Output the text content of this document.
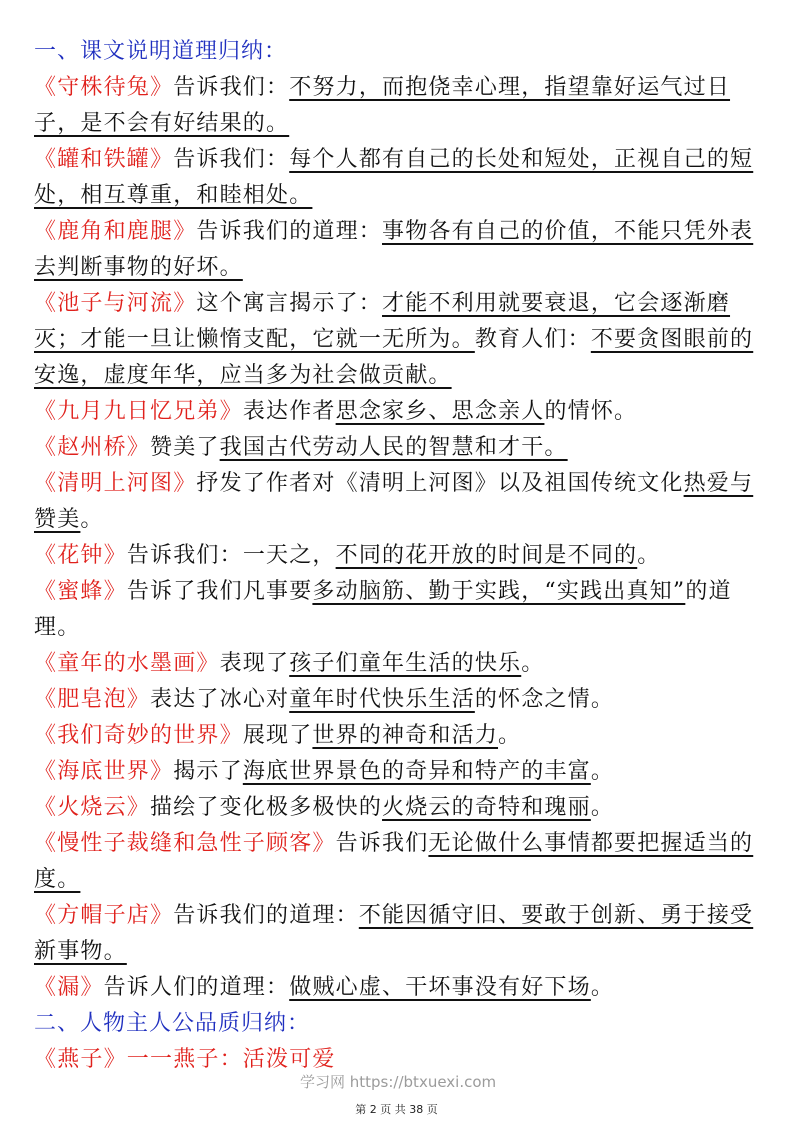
一、课文说明道理归纳：

《守株待兔》告诉我们：不努力，而抱侥幸心理，指望靠好运气过日子，是不会有好结果的。

《罐和铁罐》告诉我们：每个人都有自己的长处和短处，正视自己的短处，相互尊重，和睦相处。

《鹿角和鹿腿》告诉我们的道理：事物各有自己的价值，不能只凭外表去判断事物的好坏。

《池子与河流》这个寓言揭示了：才能不利用就要衰退，它会逐渐磨灭；才能一旦让懒惰支配，它就一无所为。教育人们：不要贪图眼前的安逸，虚度年华，应当多为社会做贡献。

《九月九日忆兄弟》表达作者思念家乡、思念亲人的情怀。

《赵州桥》赞美了我国古代劳动人民的智慧和才干。

《清明上河图》抒发了作者对《清明上河图》以及祖国传统文化热爱与赞美。

《花钟》告诉我们：一天之，不同的花开放的时间是不同的。

《蜜蜂》告诉了我们凡事要多动脑筋、勤于实践，“实践出真知”的道理。

《童年的水墨画》表现了孩子们童年生活的快乐。

《肥皂泡》表达了冰心对童年时代快乐生活的怀念之情。

《我们奇妙的世界》展现了世界的神奇和活力。

《海底世界》揭示了海底世界景色的奇异和特产的丰富。

《火烧云》描绘了变化极多极快的火烧云的奇特和瑰丽。

《慢性子裁缝和急性子顾客》告诉我们无论做什么事情都要把握适当的度。

《方帽子店》告诉我们的道理：不能因循守旧、要敢于创新、勇于接受新事物。

《漏》告诉人们的道理：做贼心虚、干坏事没有好下场。

二、人物主人公品质归纳：

《燕子》一一燕子：活泼可爱

学习网 https://btxuexi.com
第 2 页 共 38 页
